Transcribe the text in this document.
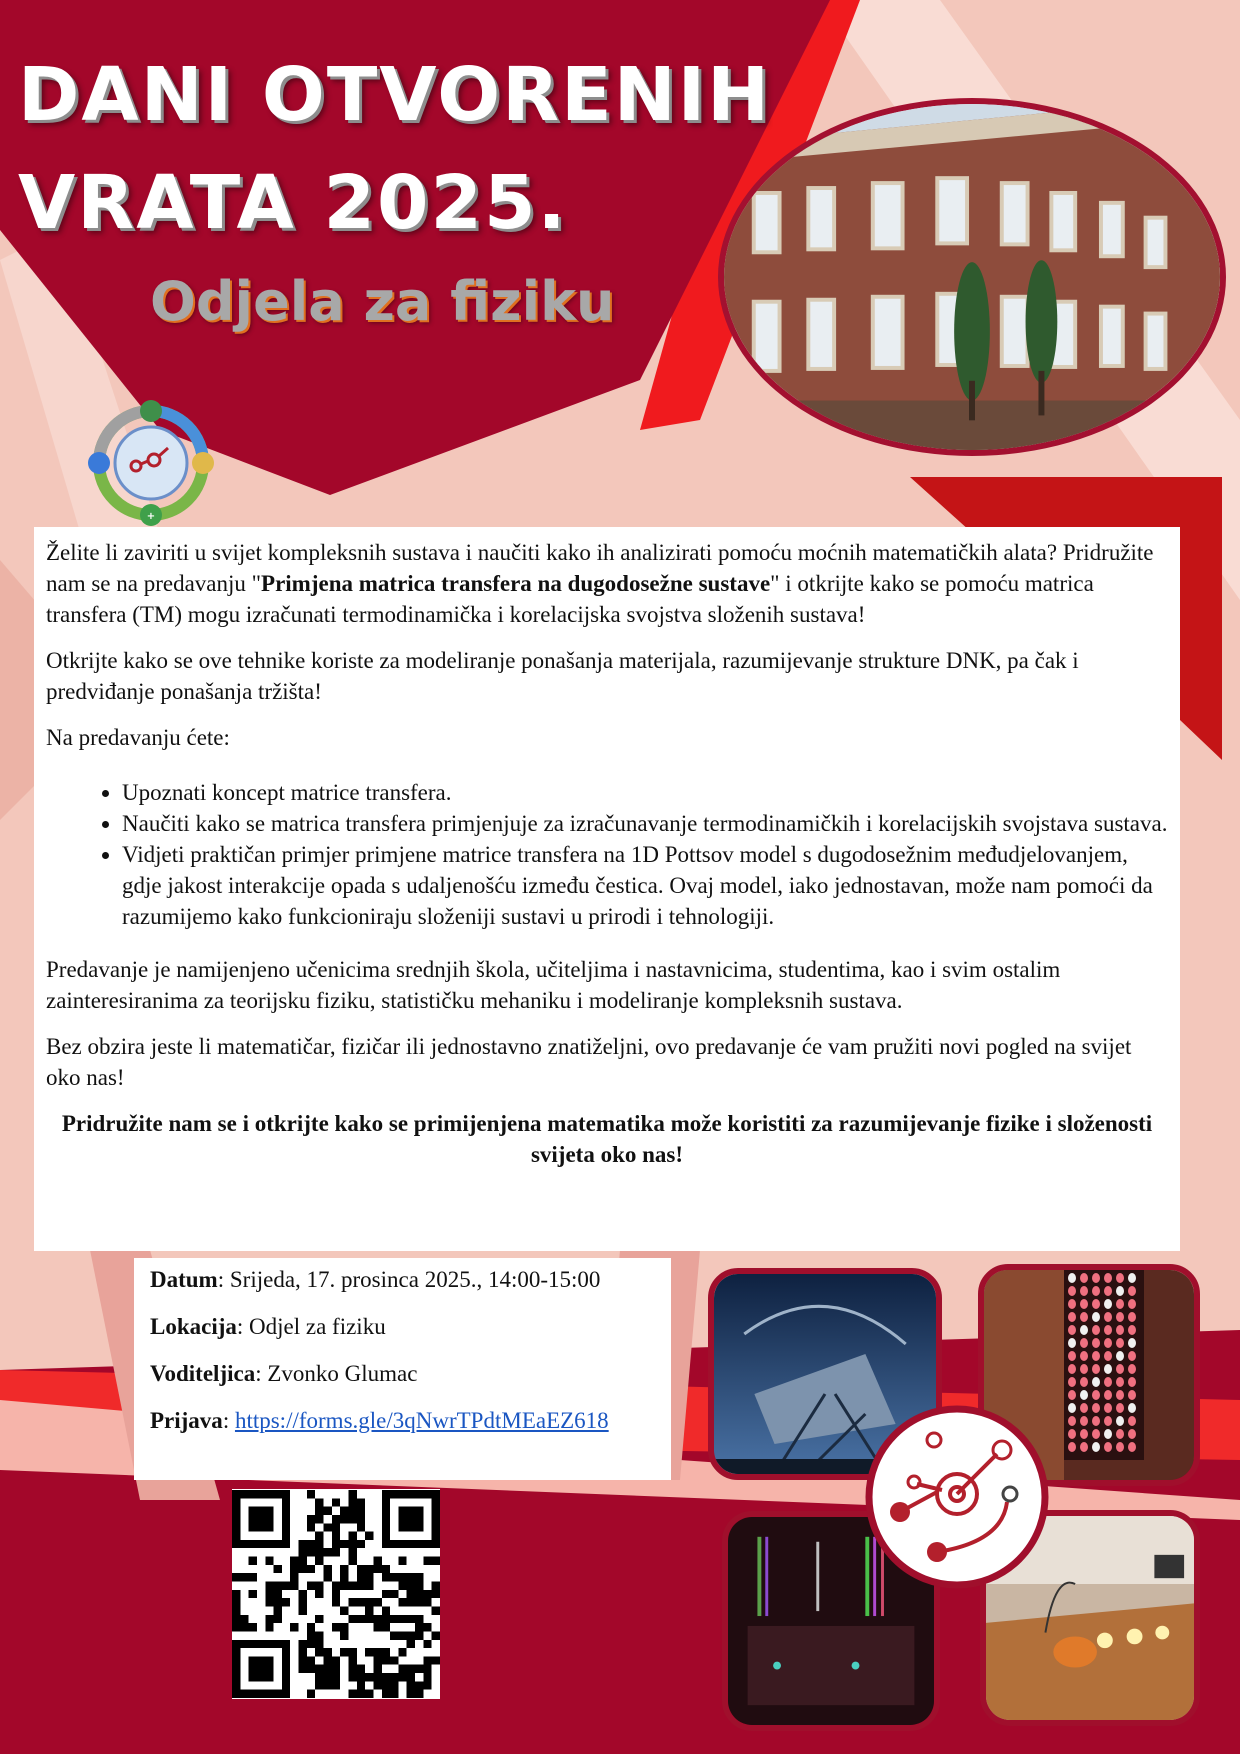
DANI OTVORENIH
VRATA 2025.
Odjela za fiziku
+

Želite li zaviriti u svijet kompleksnih sustava i naučiti kako ih analizirati pomoću moćnih matematičkih alata? Pridružite nam se na predavanju "Primjena matrica transfera na dugodosežne sustave" i otkrijte kako se pomoću matrica transfera (TM) mogu izračunati termodinamička i korelacijska svojstva složenih sustava!

Otkrijte kako se ove tehnike koriste za modeliranje ponašanja materijala, razumijevanje strukture DNK, pa čak i predviđanje ponašanja tržišta!

Na predavanju ćete:

• Upoznati koncept matrice transfera.
• Naučiti kako se matrica transfera primjenjuje za izračunavanje termodinamičkih i korelacijskih svojstava sustava.
• Vidjeti praktičan primjer primjene matrice transfera na 1D Pottsov model s dugodosežnim međudjelovanjem, gdje jakost interakcije opada s udaljenošću između čestica. Ovaj model, iako jednostavan, može nam pomoći da razumijemo kako funkcioniraju složeniji sustavi u prirodi i tehnologiji.

Predavanje je namijenjeno učenicima srednjih škola, učiteljima i nastavnicima, studentima, kao i svim ostalim zainteresiranima za teorijsku fiziku, statističku mehaniku i modeliranje kompleksnih sustava.

Bez obzira jeste li matematičar, fizičar ili jednostavno znatiželjni, ovo predavanje će vam pružiti novi pogled na svijet oko nas!

Pridružite nam se i otkrijte kako se primijenjena matematika može koristiti za razumijevanje fizike i složenosti svijeta oko nas!

Datum: Srijeda, 17. prosinca 2025., 14:00-15:00
Lokacija: Odjel za fiziku
Voditeljica: Zvonko Glumac
Prijava: https://forms.gle/3qNwrTPdtMEaEZ618
